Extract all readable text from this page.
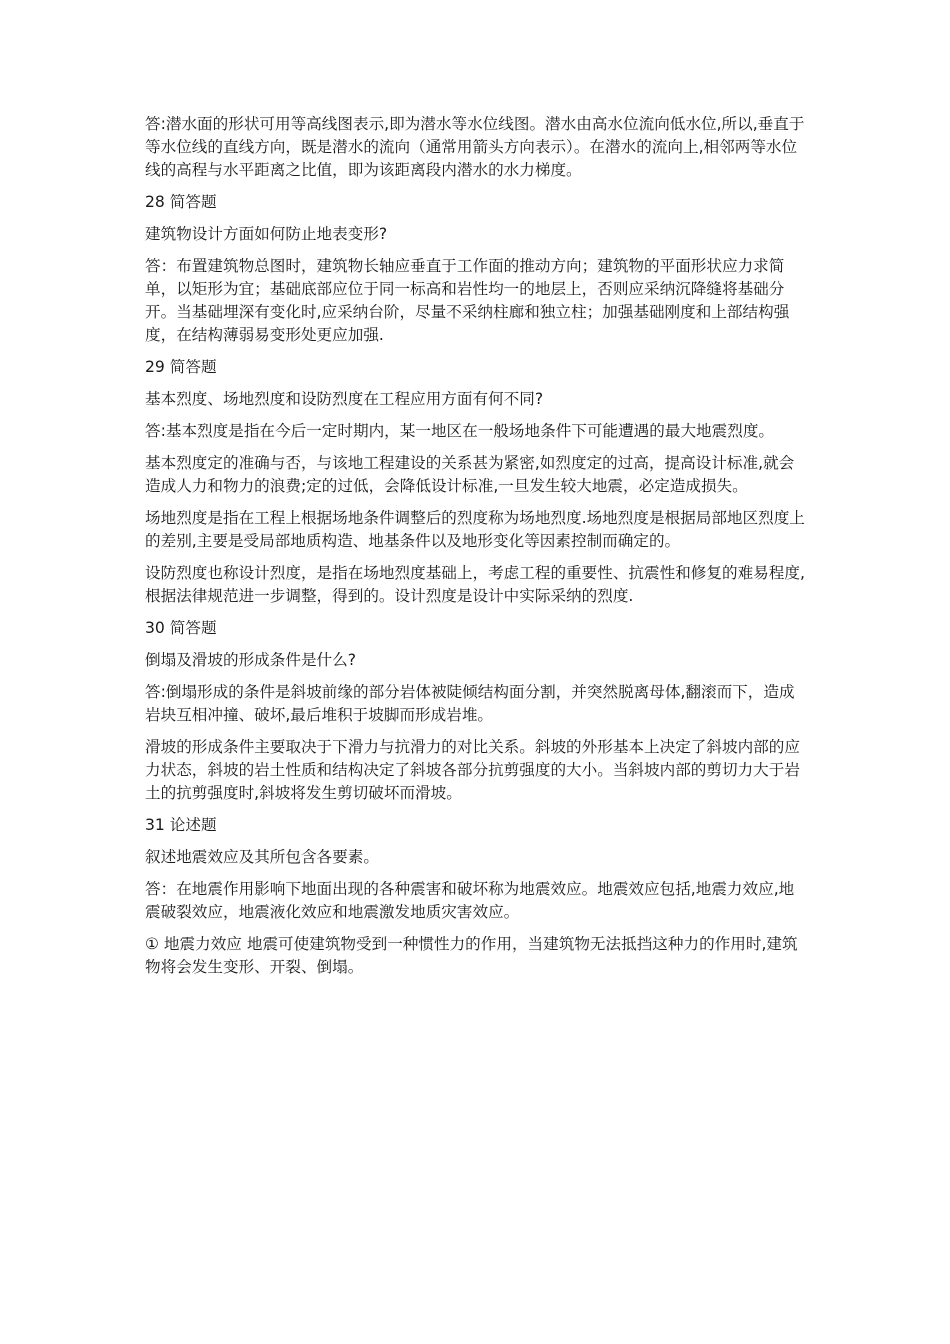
答:潜水面的形状可用等高线图表示,即为潜水等水位线图。潜水由高水位流向低水位,所以,垂直于等水位线的直线方向，既是潜水的流向（通常用箭头方向表示）。在潜水的流向上,相邻两等水位线的高程与水平距离之比值，即为该距离段内潜水的水力梯度。

28 简答题

建筑物设计方面如何防止地表变形?

答：布置建筑物总图时，建筑物长轴应垂直于工作面的推动方向；建筑物的平面形状应力求简单，以矩形为宜；基础底部应位于同一标高和岩性均一的地层上，否则应采纳沉降缝将基础分开。当基础埋深有变化时,应采纳台阶，尽量不采纳柱廊和独立柱；加强基础刚度和上部结构强度，在结构薄弱易变形处更应加强.

29 简答题

基本烈度、场地烈度和设防烈度在工程应用方面有何不同?

答:基本烈度是指在今后一定时期内，某一地区在一般场地条件下可能遭遇的最大地震烈度。

基本烈度定的准确与否，与该地工程建设的关系甚为紧密,如烈度定的过高，提高设计标准,就会造成人力和物力的浪费;定的过低，会降低设计标准,一旦发生较大地震，必定造成损失。

场地烈度是指在工程上根据场地条件调整后的烈度称为场地烈度.场地烈度是根据局部地区烈度上的差别,主要是受局部地质构造、地基条件以及地形变化等因素控制而确定的。

设防烈度也称设计烈度，是指在场地烈度基础上，考虑工程的重要性、抗震性和修复的难易程度,根据法律规范进一步调整，得到的。设计烈度是设计中实际采纳的烈度.

30 简答题

倒塌及滑坡的形成条件是什么?

答:倒塌形成的条件是斜坡前缘的部分岩体被陡倾结构面分割，并突然脱离母体,翻滚而下，造成岩块互相冲撞、破坏,最后堆积于坡脚而形成岩堆。

滑坡的形成条件主要取决于下滑力与抗滑力的对比关系。斜坡的外形基本上决定了斜坡内部的应力状态，斜坡的岩土性质和结构决定了斜坡各部分抗剪强度的大小。当斜坡内部的剪切力大于岩土的抗剪强度时,斜坡将发生剪切破坏而滑坡。

31 论述题

叙述地震效应及其所包含各要素。

答：在地震作用影响下地面出现的各种震害和破坏称为地震效应。地震效应包括,地震力效应,地震破裂效应，地震液化效应和地震激发地质灾害效应。

① 地震力效应 地震可使建筑物受到一种惯性力的作用，当建筑物无法抵挡这种力的作用时,建筑物将会发生变形、开裂、倒塌。
